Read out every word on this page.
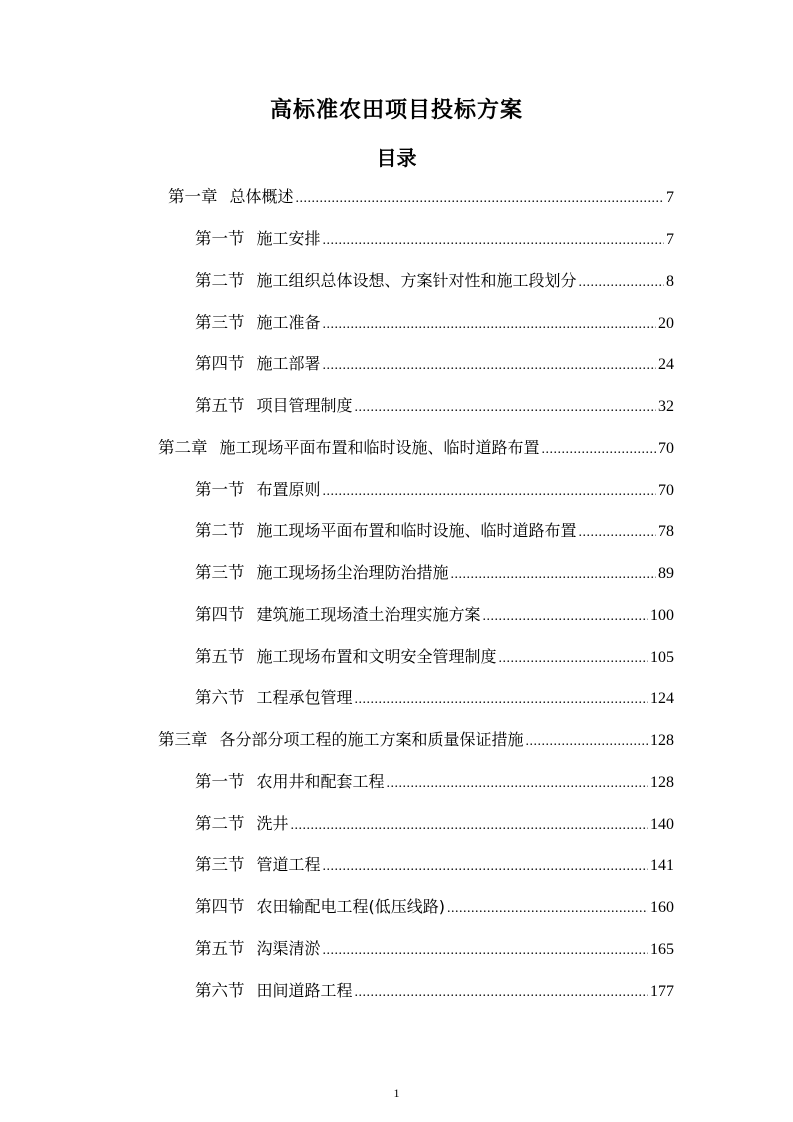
高标准农田项目投标方案
目录
第一章 总体概述 .....	7
第一节 施工安排 .....	7
第二节 施工组织总体设想、方案针对性和施工段划分 .....	8
第三节 施工准备 .....	20
第四节 施工部署 .....	24
第五节 项目管理制度 .....	32
第二章 施工现场平面布置和临时设施、临时道路布置 .....	70
第一节 布置原则 .....	70
第二节 施工现场平面布置和临时设施、临时道路布置 .....	78
第三节 施工现场扬尘治理防治措施 .....	89
第四节 建筑施工现场渣土治理实施方案 .....	100
第五节 施工现场布置和文明安全管理制度 .....	105
第六节 工程承包管理 .....	124
第三章 各分部分项工程的施工方案和质量保证措施 .....	128
第一节 农用井和配套工程 .....	128
第二节 洗井 .....	140
第三节 管道工程 .....	141
第四节 农田输配电工程(低压线路) .....	160
第五节 沟渠清淤 .....	165
第六节 田间道路工程 .....	177
1
